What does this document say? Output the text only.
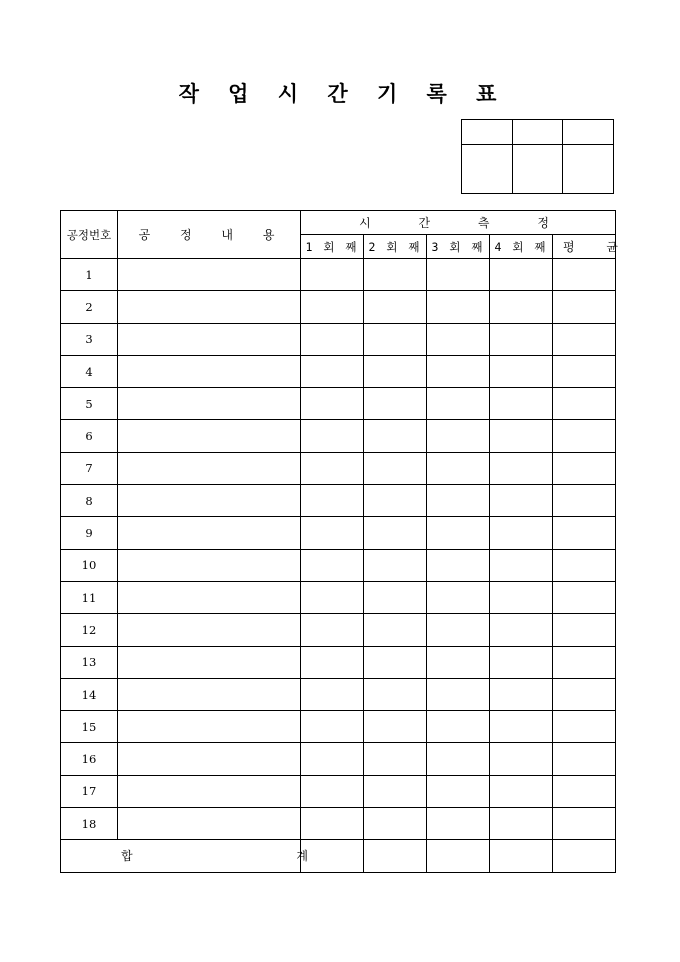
작 업 시 간 기 록 표

공정번호	공 정 내 용	시 간 측 정				
		1 회 째	2 회 째	3 회 째	4 회 째	평 균
1						
2						
3						
4						
5						
6						
7						
8						
9						
10						
11						
12						
13						
14						
15						
16						
17						
18						
합 계						
